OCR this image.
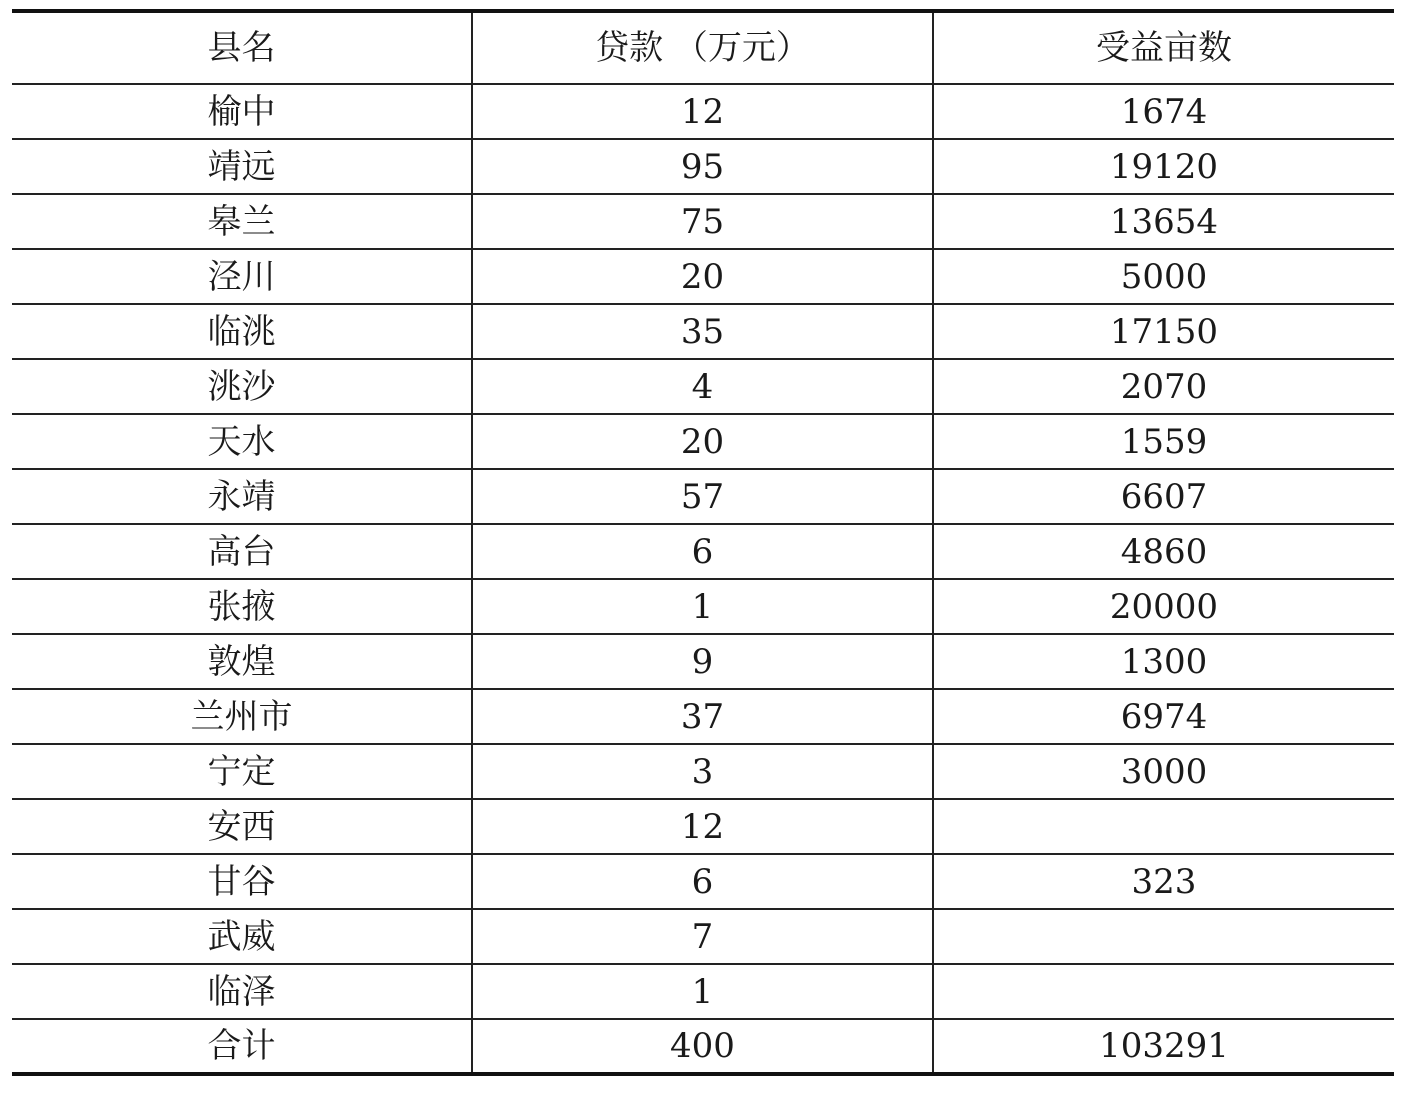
县名	贷款 （万元）	受益亩数
榆中	12	1674
靖远	95	19120
皋兰	75	13654
泾川	20	5000
临洮	35	17150
洮沙	4	2070
天水	20	1559
永靖	57	6607
高台	6	4860
张掖	1	20000
敦煌	9	1300
兰州市	37	6974
宁定	3	3000
安西	12	
甘谷	6	323
武威	7	
临泽	1	
合计	400	103291
